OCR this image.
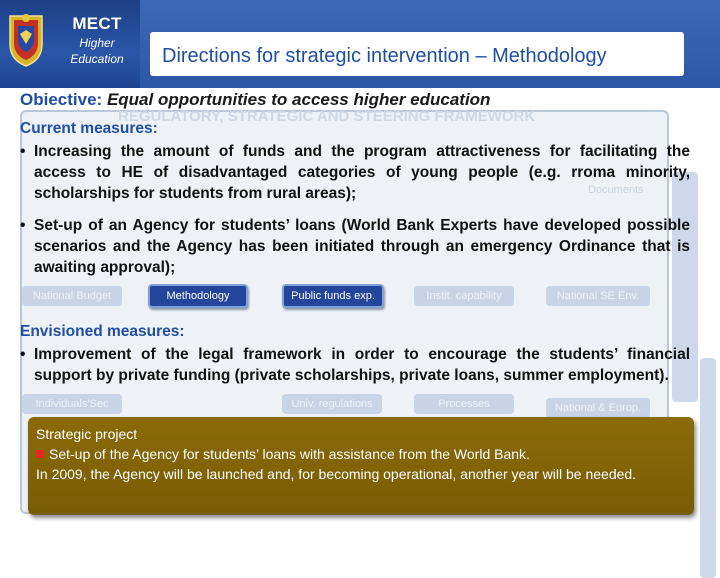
MECT
Higher
Education	Directions for strategic intervention – Methodology
REGULATORY, STRATEGIC AND STEERING FRAMEWORK
National Budget	Methodology	Public funds exp.	Instit. capability	National SE Env.
Individuals'Sec	Univ. regulations	Processes	National & Europ.
Documents
Obiective: Equal opportunities to access higher education
Current measures:
• Increasing the amount of funds and the program attractiveness for facilitating the access to HE of disadvantaged categories of young people (e.g. rroma minority, scholarships for students from rural areas);
• Set-up of an Agency for students’ loans (World Bank Experts have developed possible scenarios and the Agency has been initiated through an emergency Ordinance that is awaiting approval);
Envisioned measures:
• Improvement of the legal framework in order to encourage the students’ financial support by private funding (private scholarships, private loans, summer employment).
Strategic project
Set-up of the Agency for students’ loans with assistance from the World Bank.
In 2009, the Agency will be launched and, for becoming operational, another year will be needed.
